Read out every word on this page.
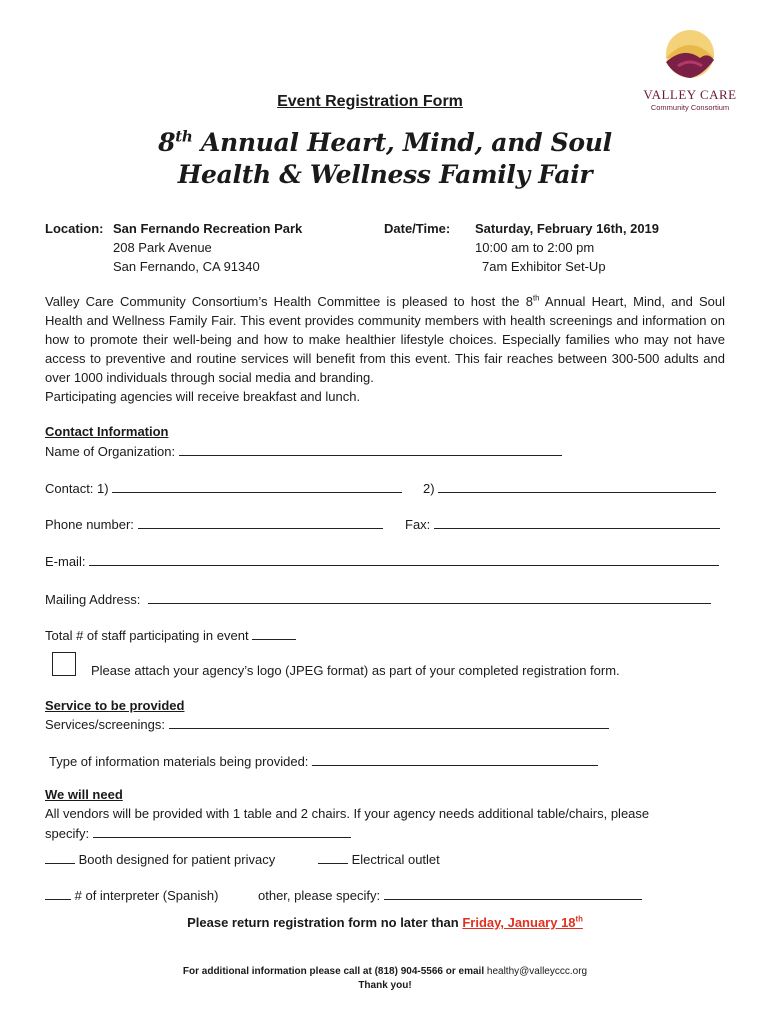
VALLEY CARE
Community Consortium
Event Registration Form
8th Annual Heart, Mind, and Soul
Health & Wellness Family Fair
Location: San Fernando Recreation Park
208 Park Avenue
San Fernando, CA 91340
Date/Time: Saturday, February 16th, 2019
10:00 am to 2:00 pm
7am Exhibitor Set-Up
Valley Care Community Consortium’s Health Committee is pleased to host the 8th Annual Heart, Mind, and Soul Health and Wellness Family Fair. This event provides community members with health screenings and information on how to promote their well-being and how to make healthier lifestyle choices. Especially families who may not have access to preventive and routine services will benefit from this event. This fair reaches between 300-500 adults and over 1000 individuals through social media and branding.
Participating agencies will receive breakfast and lunch.
Contact Information
Name of Organization:
Contact: 1)	2)
Phone number:	Fax:
E-mail:
Mailing Address:
Total # of staff participating in event
Please attach your agency’s logo (JPEG format) as part of your completed registration form.
Service to be provided
Services/screenings:
Type of information materials being provided:
We will need
All vendors will be provided with 1 table and 2 chairs. If your agency needs additional table/chairs, please
specify:
Booth designed for patient privacy	Electrical outlet
# of interpreter (Spanish)	other, please specify:
Please return registration form no later than Friday, January 18th
For additional information please call at (818) 904-5566 or email healthy@valleyccc.org
Thank you!
